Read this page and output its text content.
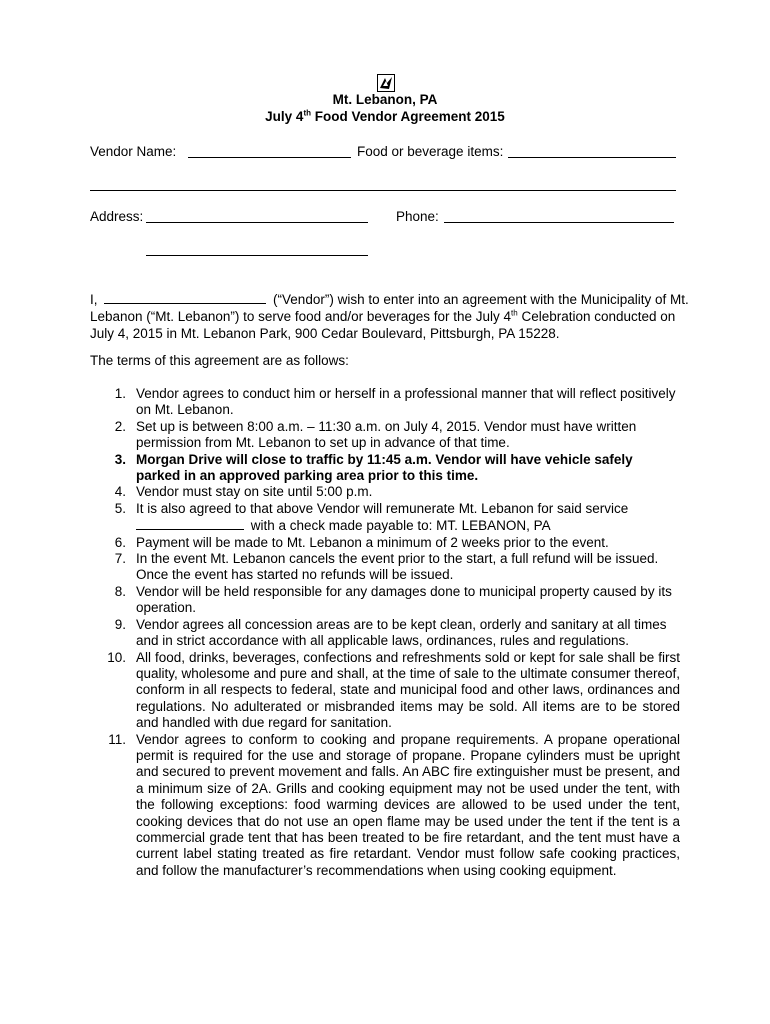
Mt. Lebanon, PA
July 4th Food Vendor Agreement 2015
Vendor Name:	Food or beverage items:
Address:	Phone:

I,	(“Vendor”) wish to enter into an agreement with the Municipality of Mt. Lebanon (“Mt. Lebanon”) to serve food and/or beverages for the July 4th Celebration conducted on July 4, 2015 in Mt. Lebanon Park, 900 Cedar Boulevard, Pittsburgh, PA 15228.

The terms of this agreement are as follows:

1. Vendor agrees to conduct him or herself in a professional manner that will reflect positively on Mt. Lebanon.
2. Set up is between 8:00 a.m. – 11:30 a.m. on July 4, 2015. Vendor must have written permission from Mt. Lebanon to set up in advance of that time.
3. Morgan Drive will close to traffic by 11:45 a.m. Vendor will have vehicle safely parked in an approved parking area prior to this time.
4. Vendor must stay on site until 5:00 p.m.
5. It is also agreed to that above Vendor will remunerate Mt. Lebanon for said service
with a check made payable to: MT. LEBANON, PA
6. Payment will be made to Mt. Lebanon a minimum of 2 weeks prior to the event.
7. In the event Mt. Lebanon cancels the event prior to the start, a full refund will be issued. Once the event has started no refunds will be issued.
8. Vendor will be held responsible for any damages done to municipal property caused by its operation.
9. Vendor agrees all concession areas are to be kept clean, orderly and sanitary at all times and in strict accordance with all applicable laws, ordinances, rules and regulations.
10. All food, drinks, beverages, confections and refreshments sold or kept for sale shall be first quality, wholesome and pure and shall, at the time of sale to the ultimate consumer thereof, conform in all respects to federal, state and municipal food and other laws, ordinances and regulations. No adulterated or misbranded items may be sold. All items are to be stored and handled with due regard for sanitation.
11. Vendor agrees to conform to cooking and propane requirements. A propane operational permit is required for the use and storage of propane. Propane cylinders must be upright and secured to prevent movement and falls. An ABC fire extinguisher must be present, and a minimum size of 2A. Grills and cooking equipment may not be used under the tent, with the following exceptions: food warming devices are allowed to be used under the tent, cooking devices that do not use an open flame may be used under the tent if the tent is a commercial grade tent that has been treated to be fire retardant, and the tent must have a current label stating treated as fire retardant. Vendor must follow safe cooking practices, and follow the manufacturer’s recommendations when using cooking equipment.
